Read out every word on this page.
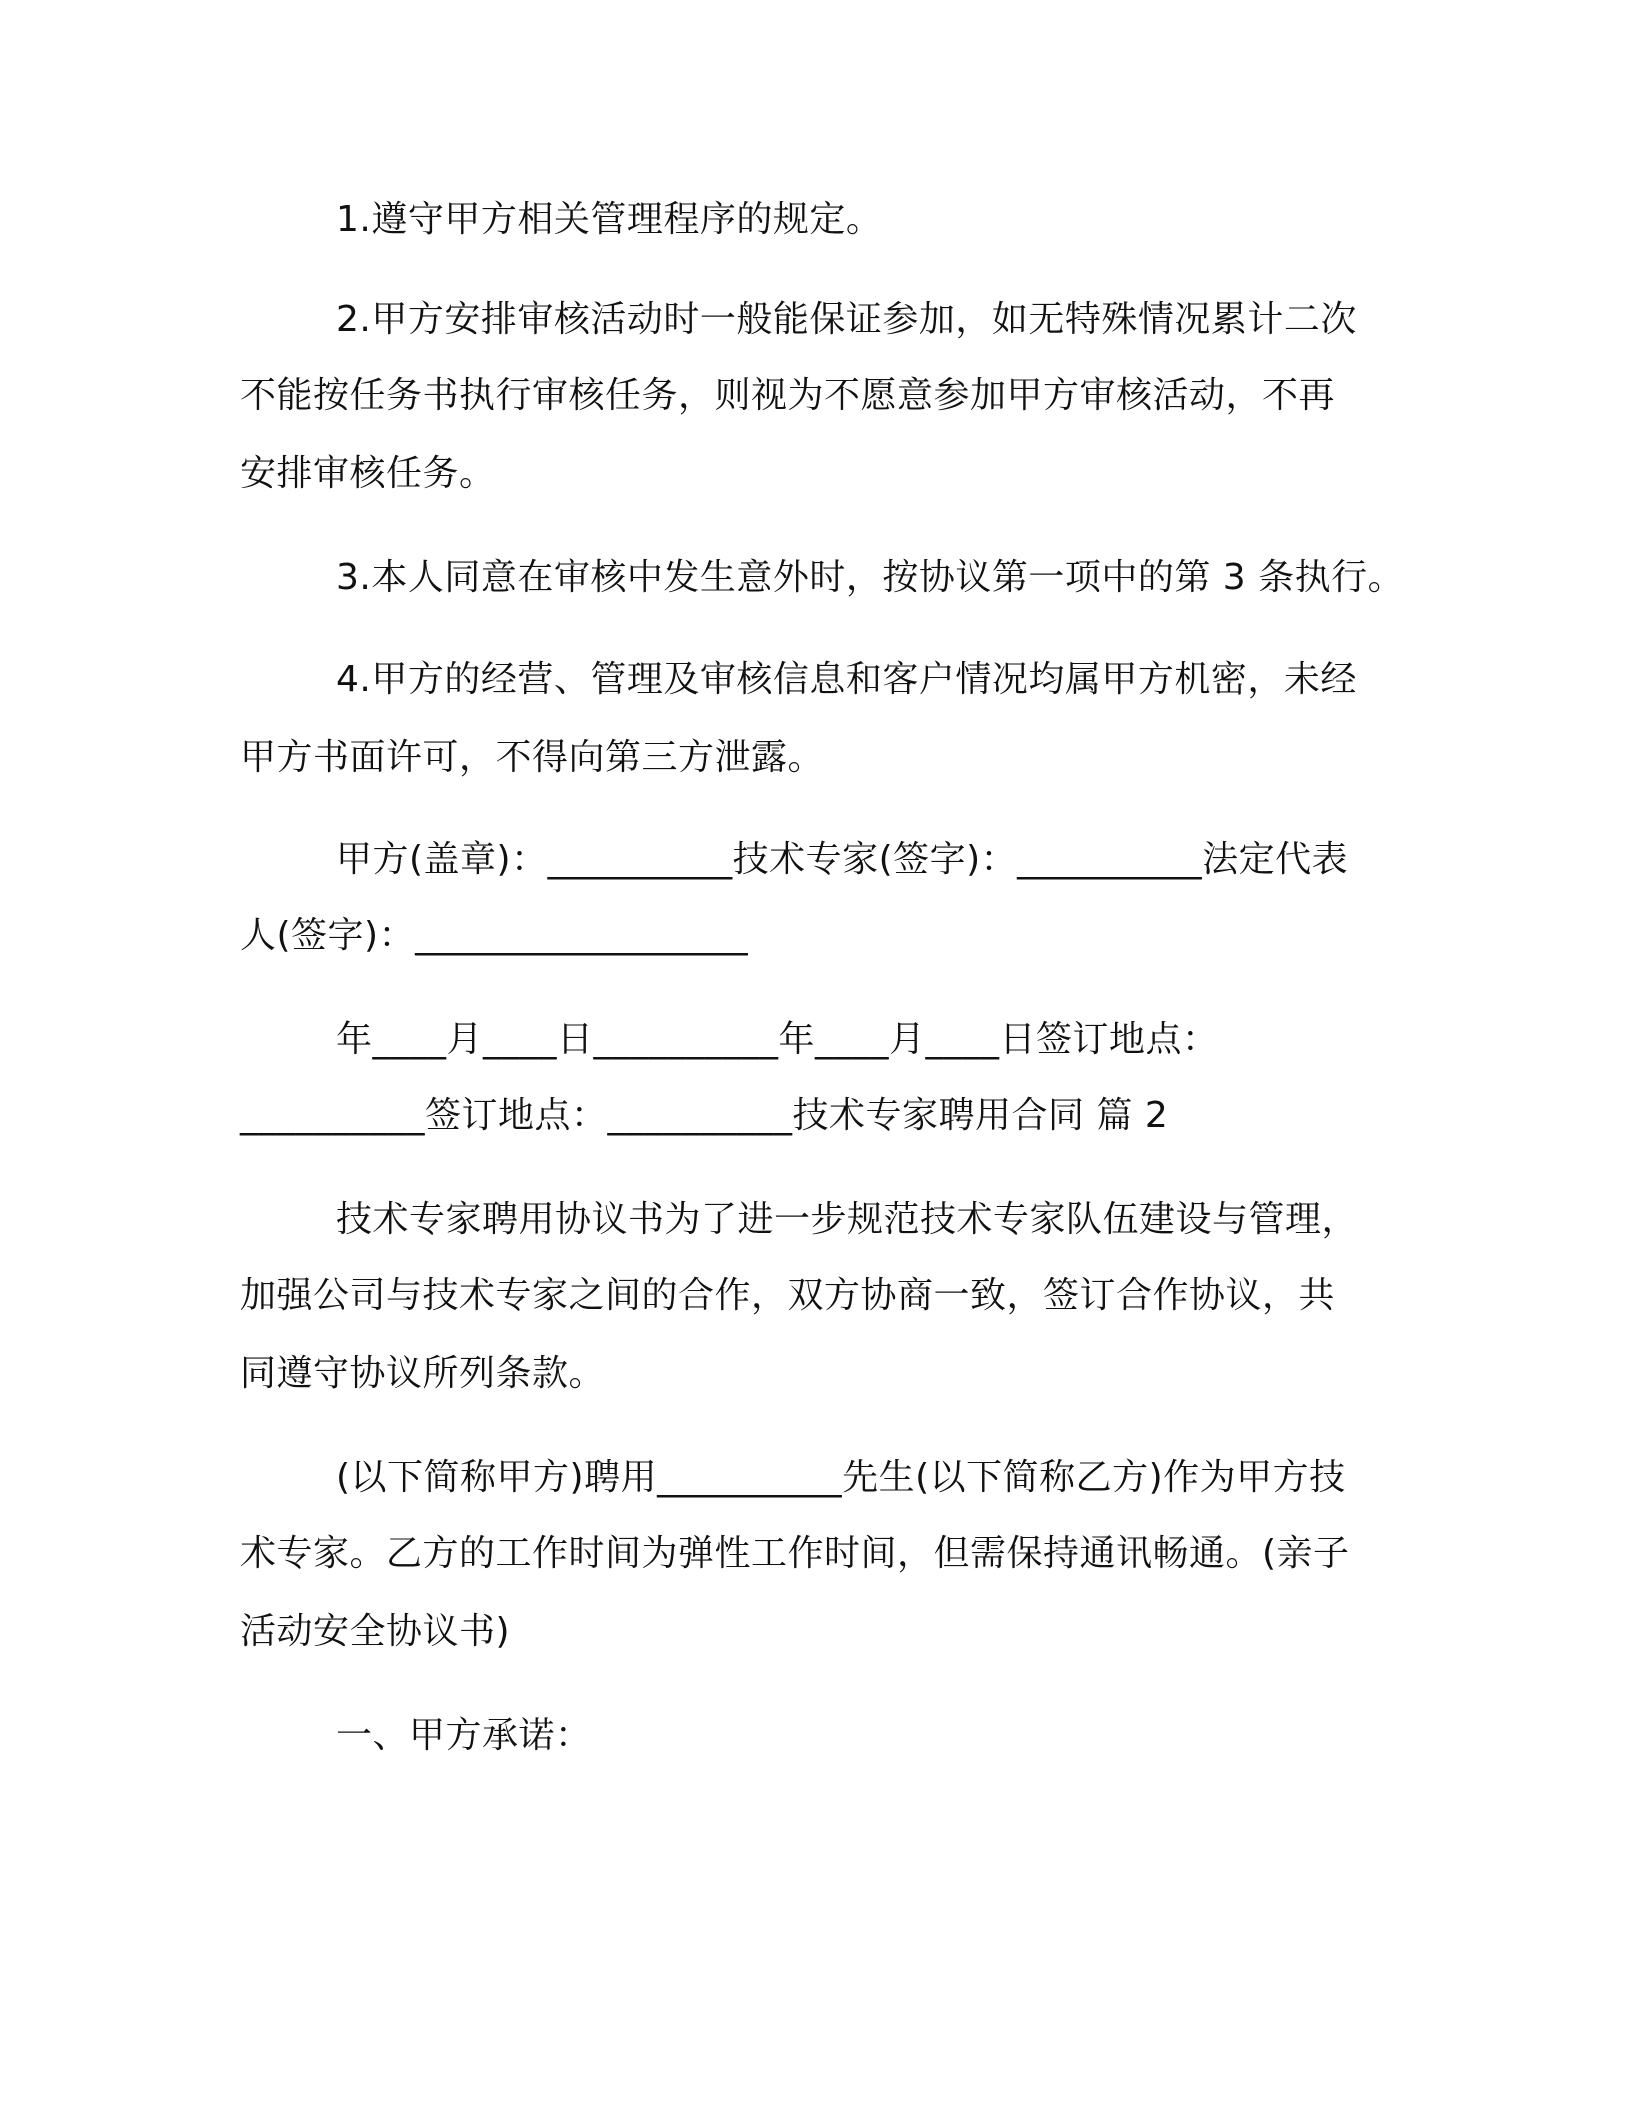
1.遵守甲方相关管理程序的规定。

2.甲方安排审核活动时一般能保证参加，如无特殊情况累计二次

不能按任务书执行审核任务，则视为不愿意参加甲方审核活动，不再

安排审核任务。

3.本人同意在审核中发生意外时，按协议第一项中的第 3 条执行。

4.甲方的经营、管理及审核信息和客户情况均属甲方机密，未经

甲方书面许可，不得向第三方泄露。

甲方(盖章)：__________技术专家(签字)：__________法定代表

人(签字)：__________________

年____月____日__________年____月____日签订地点：

__________签订地点：__________技术专家聘用合同 篇 2

技术专家聘用协议书为了进一步规范技术专家队伍建设与管理，

加强公司与技术专家之间的合作，双方协商一致，签订合作协议，共

同遵守协议所列条款。

(以下简称甲方)聘用__________先生(以下简称乙方)作为甲方技

术专家。乙方的工作时间为弹性工作时间，但需保持通讯畅通。(亲子

活动安全协议书)

一、甲方承诺：
